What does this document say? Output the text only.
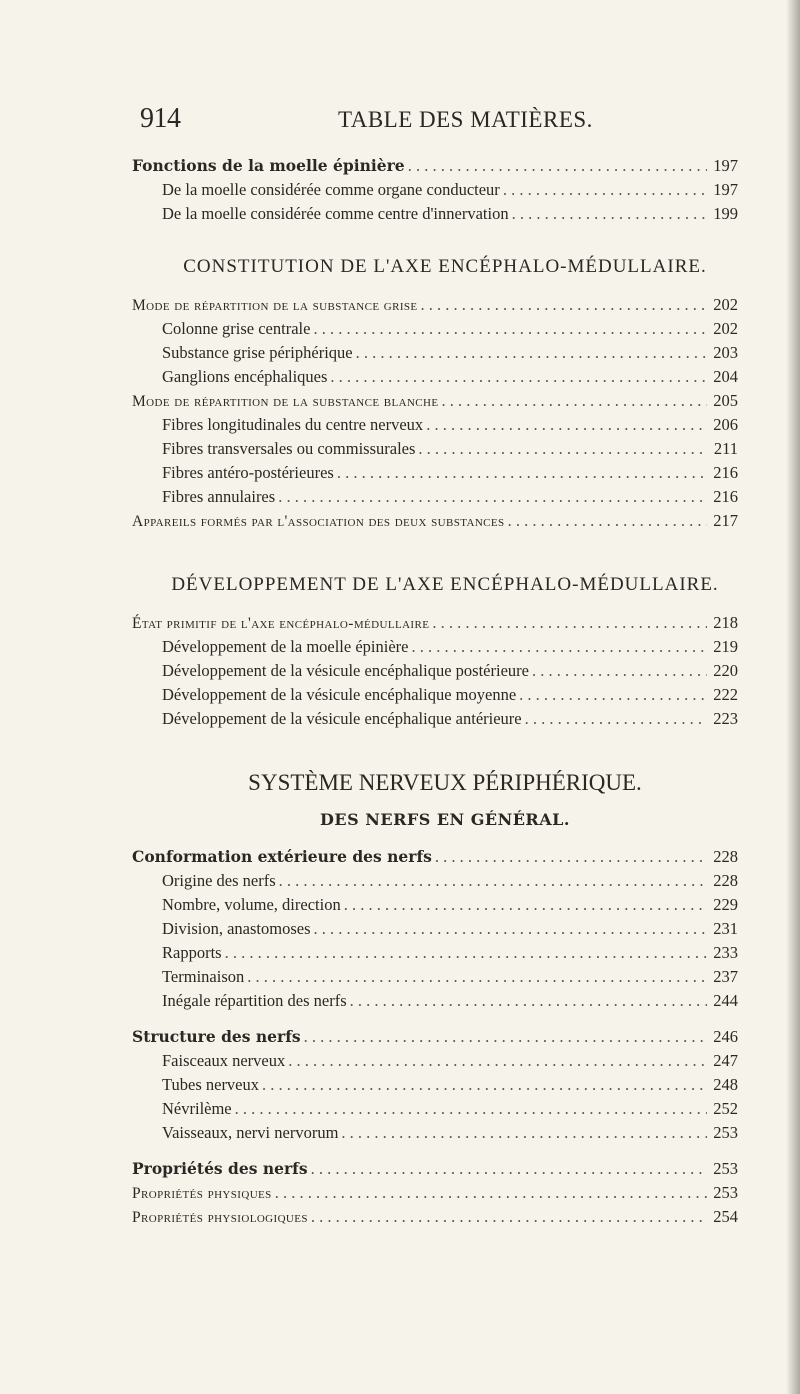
914	TABLE DES MATIÈRES.
Fonctions de la moelle épinière . . .	197
De la moelle considérée comme organe conducteur . . .	197
De la moelle considérée comme centre d'innervation . . .	199
CONSTITUTION DE L'AXE ENCÉPHALO-MÉDULLAIRE.
Mode de répartition de la substance grise . . .	202
Colonne grise centrale . . .	202
Substance grise périphérique . . .	203
Ganglions encéphaliques . . .	204
Mode de répartition de la substance blanche . . .	205
Fibres longitudinales du centre nerveux . . .	206
Fibres transversales ou commissurales . . .	211
Fibres antéro-postérieures . . .	216
Fibres annulaires . . .	216
Appareils formés par l'association des deux substances . . .	217
DÉVELOPPEMENT DE L'AXE ENCÉPHALO-MÉDULLAIRE.
État primitif de l'axe encéphalo-médullaire . . .	218
Développement de la moelle épinière . . .	219
Développement de la vésicule encéphalique postérieure . . .	220
Développement de la vésicule encéphalique moyenne . . .	222
Développement de la vésicule encéphalique antérieure . . .	223
SYSTÈME NERVEUX PÉRIPHÉRIQUE.
DES NERFS EN GÉNÉRAL.
Conformation extérieure des nerfs . . .	228
Origine des nerfs . . .	228
Nombre, volume, direction . . .	229
Division, anastomoses . . .	231
Rapports . . .	233
Terminaison . . .	237
Inégale répartition des nerfs . . .	244
Structure des nerfs . . .	246
Faisceaux nerveux . . .	247
Tubes nerveux . . .	248
Névrilème . . .	252
Vaisseaux, nervi nervorum . . .	253
Propriétés des nerfs . . .	253
Propriétés physiques . . .	253
Propriétés physiologiques . . .	254
